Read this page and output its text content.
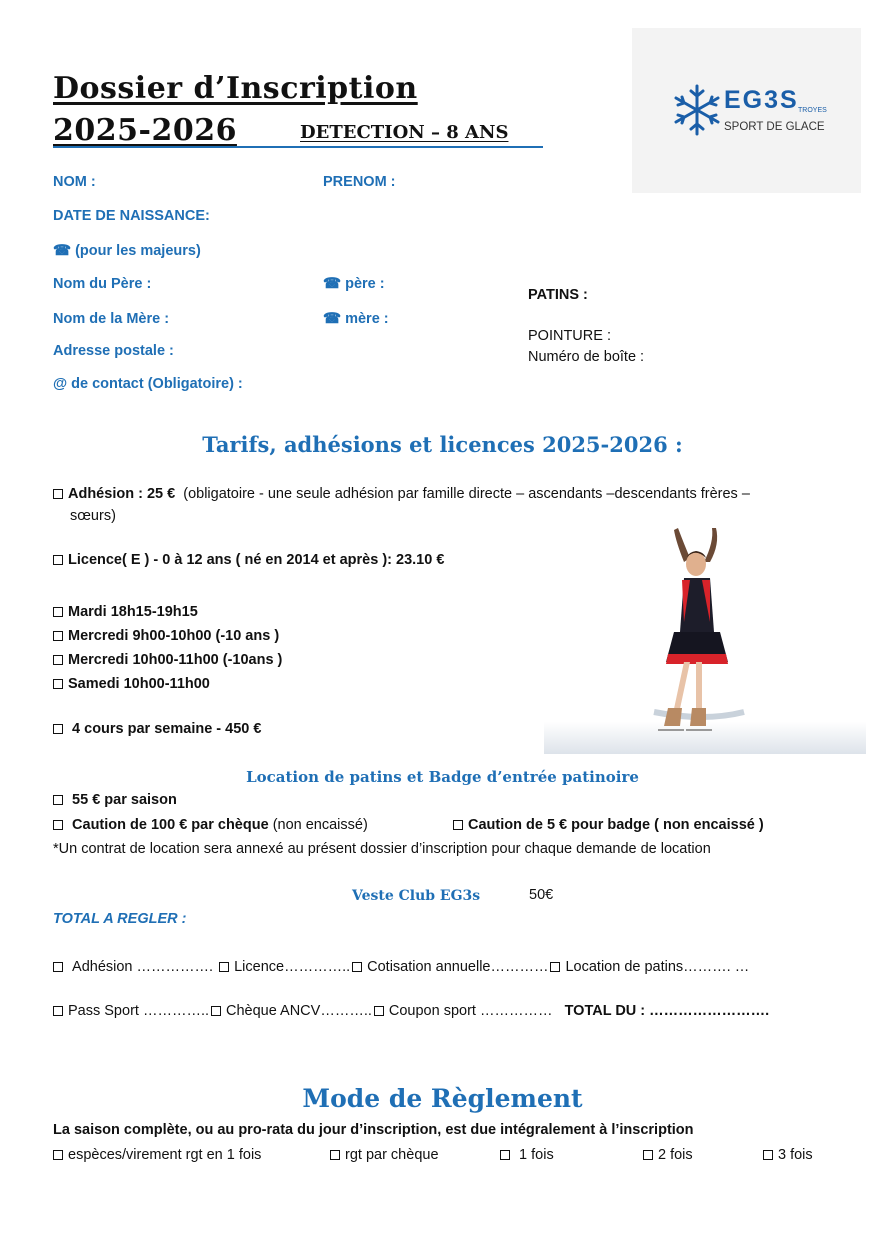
Dossier d’Inscription
2025-2026	DETECTION – 8 ANS
EG3S TROYES
SPORT DE GLACE
NOM :	PRENOM :
DATE DE NAISSANCE:
☎ (pour les majeurs)
Nom du Père :	☎ père :
Nom de la Mère :	☎ mère :
Adresse postale :
@ de contact (Obligatoire) :
PATINS :
POINTURE :
Numéro de boîte :
Tarifs, adhésions et licences 2025-2026 :
Adhésion : 25 € (obligatoire - une seule adhésion par famille directe – ascendants –descendants frères –
sœurs)
Licence( E ) - 0 à 12 ans ( né en 2014 et après ): 23.10 €
Mardi 18h15-19h15
Mercredi 9h00-10h00 (-10 ans )
Mercredi 10h00-11h00 (-10ans )
Samedi 10h00-11h00
4 cours par semaine - 450 €
Location de patins et Badge d’entrée patinoire
55 € par saison
Caution de 100 € par chèque (non encaissé)	Caution de 5 € pour badge ( non encaissé )
*Un contrat de location sera annexé au présent dossier d’inscription pour chaque demande de location
Veste Club EG3s	50€
TOTAL A REGLER :
Adhésion ……………. Licence………….. Cotisation annuelle………… Location de patins………. …
Pass Sport ………….. Chèque ANCV……….. Coupon sport …………… TOTAL DU : …………………….
Mode de Règlement
La saison complète, ou au pro-rata du jour d’inscription, est due intégralement à l’inscription
espèces/virement rgt en 1 fois	rgt par chèque	1 fois	2 fois	3 fois
